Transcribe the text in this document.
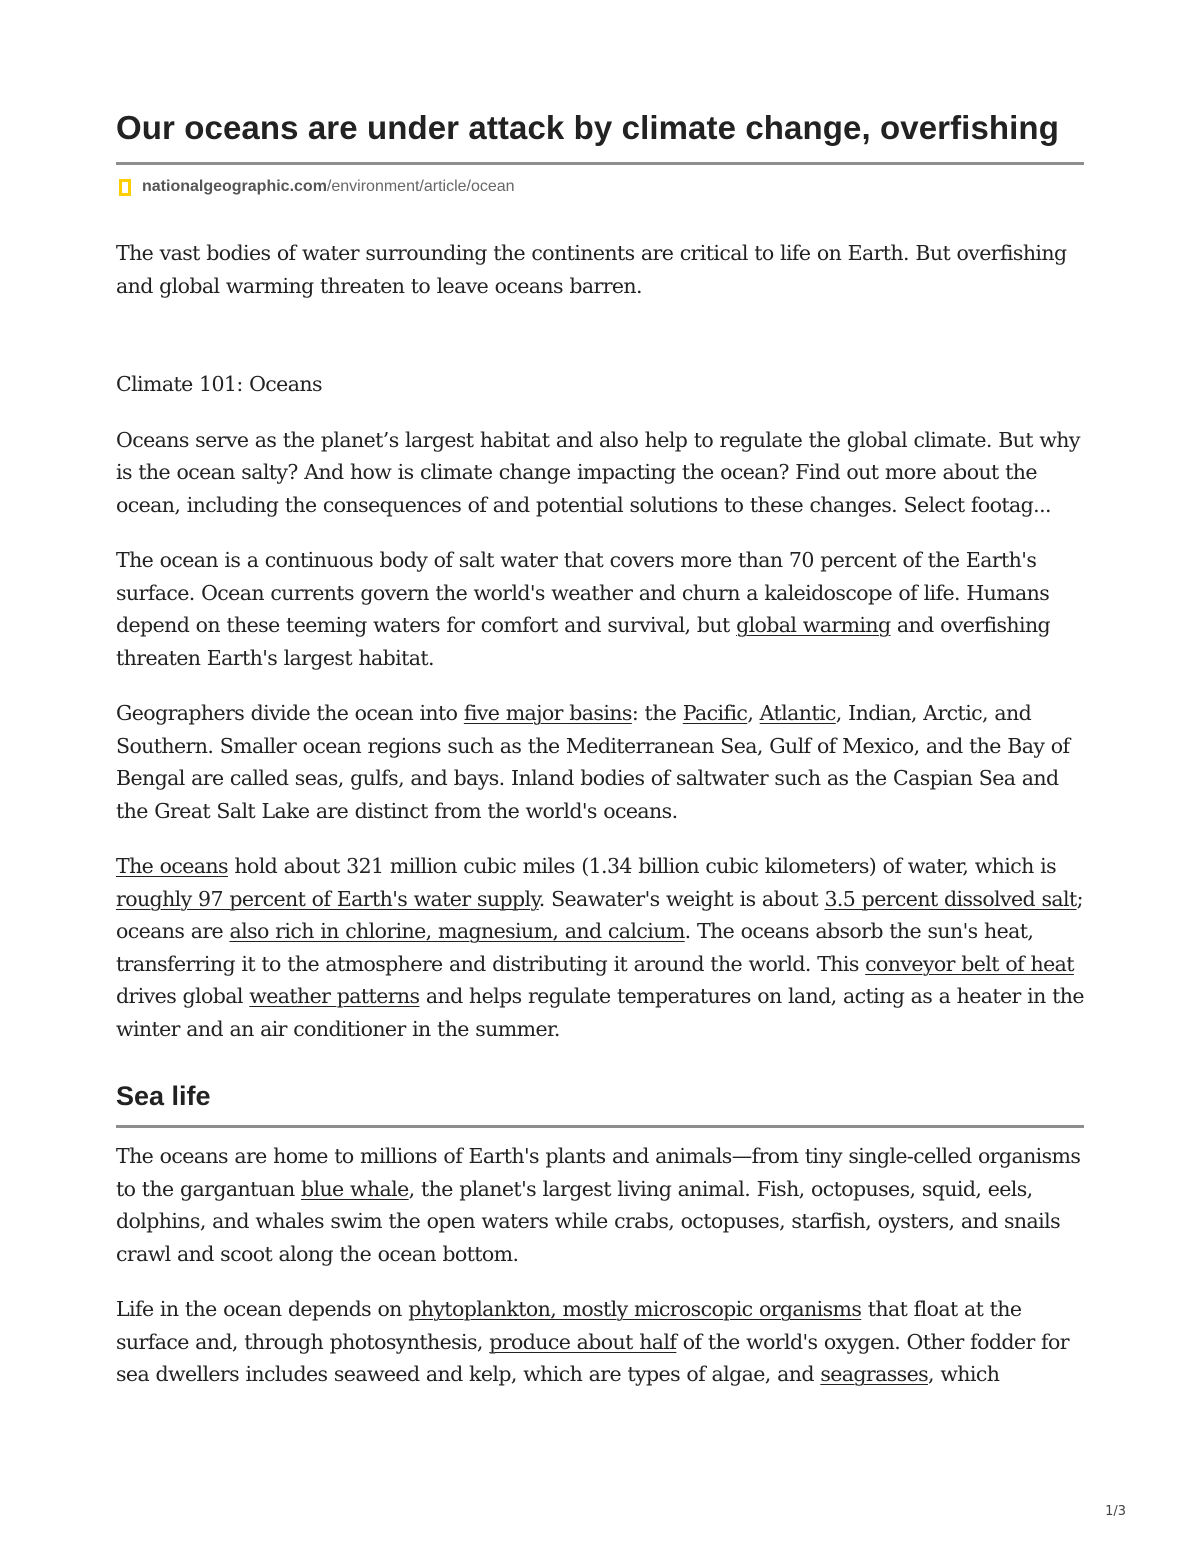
Our oceans are under attack by climate change, overfishing
nationalgeographic.com /environment/article/ocean

The vast bodies of water surrounding the continents are critical to life on Earth. But overfishing and global warming threaten to leave oceans barren.

Climate 101: Oceans

Oceans serve as the planet’s largest habitat and also help to regulate the global climate. But why is the ocean salty? And how is climate change impacting the ocean? Find out more about the ocean, including the consequences of and potential solutions to these changes. Select footag...

The ocean is a continuous body of salt water that covers more than 70 percent of the Earth's surface. Ocean currents govern the world's weather and churn a kaleidoscope of life. Humans depend on these teeming waters for comfort and survival, but global warming and overfishing threaten Earth's largest habitat.

Geographers divide the ocean into five major basins: the Pacific, Atlantic, Indian, Arctic, and Southern. Smaller ocean regions such as the Mediterranean Sea, Gulf of Mexico, and the Bay of Bengal are called seas, gulfs, and bays. Inland bodies of saltwater such as the Caspian Sea and the Great Salt Lake are distinct from the world's oceans.

The oceans hold about 321 million cubic miles (1.34 billion cubic kilometers) of water, which is roughly 97 percent of Earth's water supply. Seawater's weight is about 3.5 percent dissolved salt; oceans are also rich in chlorine, magnesium, and calcium. The oceans absorb the sun's heat, transferring it to the atmosphere and distributing it around the world. This conveyor belt of heat drives global weather patterns and helps regulate temperatures on land, acting as a heater in the winter and an air conditioner in the summer.

Sea life

The oceans are home to millions of Earth's plants and animals—from tiny single-celled organisms to the gargantuan blue whale, the planet's largest living animal. Fish, octopuses, squid, eels, dolphins, and whales swim the open waters while crabs, octopuses, starfish, oysters, and snails crawl and scoot along the ocean bottom.

Life in the ocean depends on phytoplankton, mostly microscopic organisms that float at the surface and, through photosynthesis, produce about half of the world's oxygen. Other fodder for sea dwellers includes seaweed and kelp, which are types of algae, and seagrasses, which

1/3
